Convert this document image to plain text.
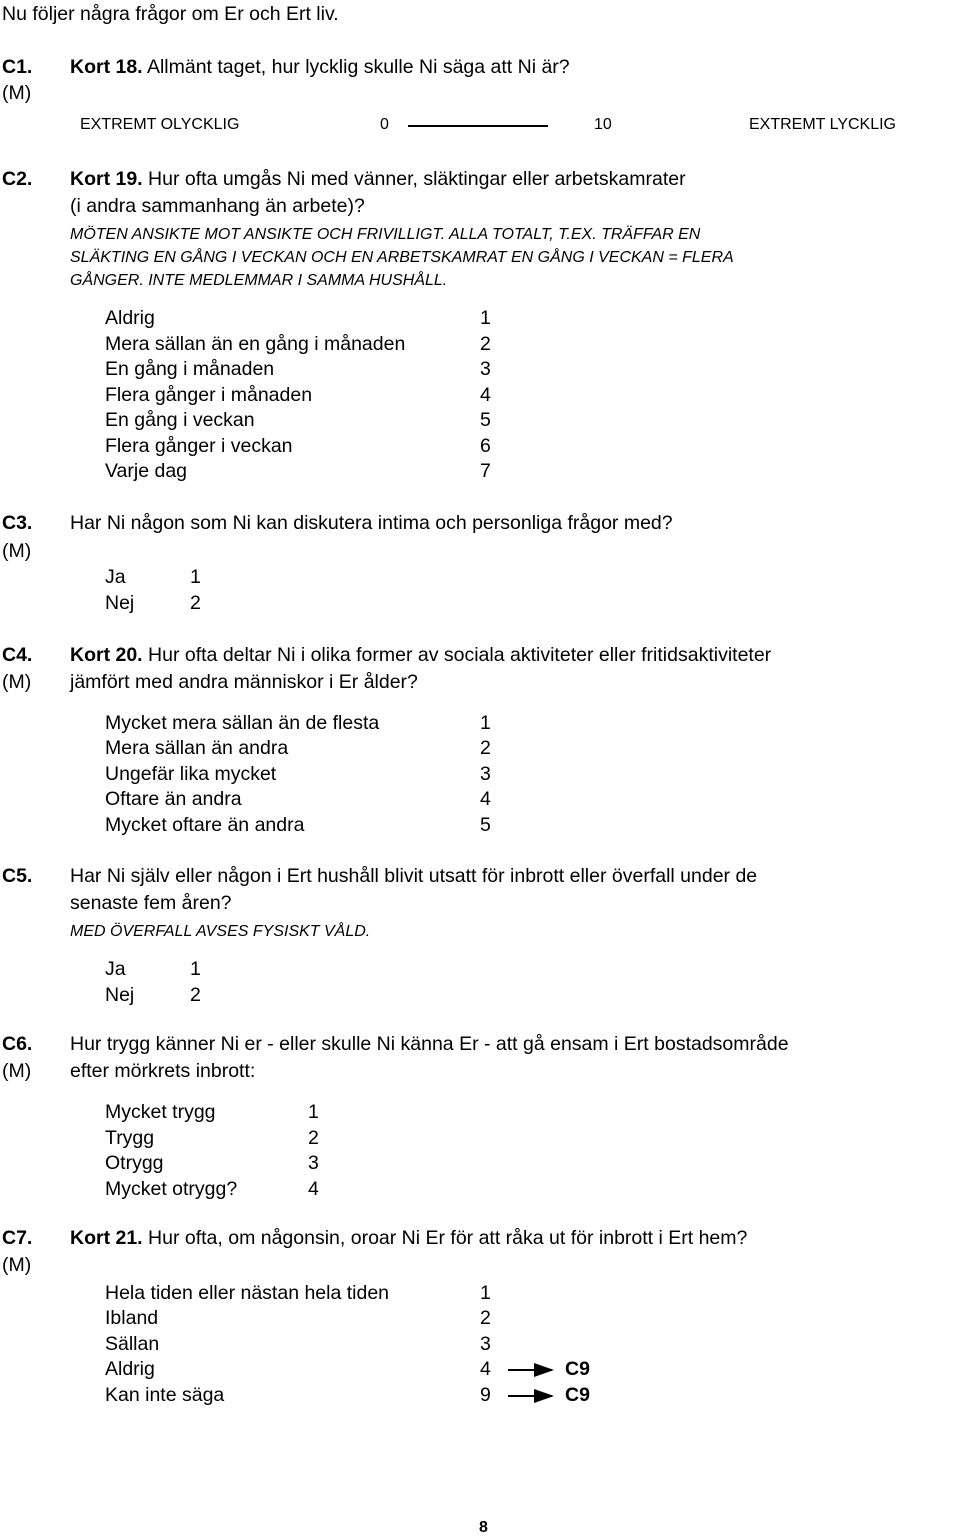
Nu följer några frågor om Er och Ert liv.
C1.
(M)
Kort 18. Allmänt taget, hur lycklig skulle Ni säga att Ni är?
EXTREMT OLYCKLIG	0	10	EXTREMT LYCKLIG
C2. Kort 19. Hur ofta umgås Ni med vänner, släktingar eller arbetskamrater
(i andra sammanhang än arbete)?
MÖTEN ANSIKTE MOT ANSIKTE OCH FRIVILLIGT. ALLA TOTALT, T.EX. TRÄFFAR EN
SLÄKTING EN GÅNG I VECKAN OCH EN ARBETSKAMRAT EN GÅNG I VECKAN = FLERA
GÅNGER. INTE MEDLEMMAR I SAMMA HUSHÅLL.
Aldrig	1
Mera sällan än en gång i månaden	2
En gång i månaden	3
Flera gånger i månaden	4
En gång i veckan	5
Flera gånger i veckan	6
Varje dag	7
C3.
(M)
Har Ni någon som Ni kan diskutera intima och personliga frågor med?
Ja	1
Nej	2
C4.
(M)
Kort 20. Hur ofta deltar Ni i olika former av sociala aktiviteter eller fritidsaktiviteter
jämfört med andra människor i Er ålder?
Mycket mera sällan än de flesta	1
Mera sällan än andra	2
Ungefär lika mycket	3
Oftare än andra	4
Mycket oftare än andra	5
C5. Har Ni själv eller någon i Ert hushåll blivit utsatt för inbrott eller överfall under de
senaste fem åren?
MED ÖVERFALL AVSES FYSISKT VÅLD.
Ja	1
Nej	2
C6.
(M)
Hur trygg känner Ni er - eller skulle Ni känna Er - att gå ensam i Ert bostadsområde
efter mörkrets inbrott:
Mycket trygg	1
Trygg	2
Otrygg	3
Mycket otrygg?	4
C7.
(M)
Kort 21. Hur ofta, om någonsin, oroar Ni Er för att råka ut för inbrott i Ert hem?
Hela tiden eller nästan hela tiden	1
Ibland	2
Sällan	3
Aldrig	4	C9
Kan inte säga	9	C9
8
